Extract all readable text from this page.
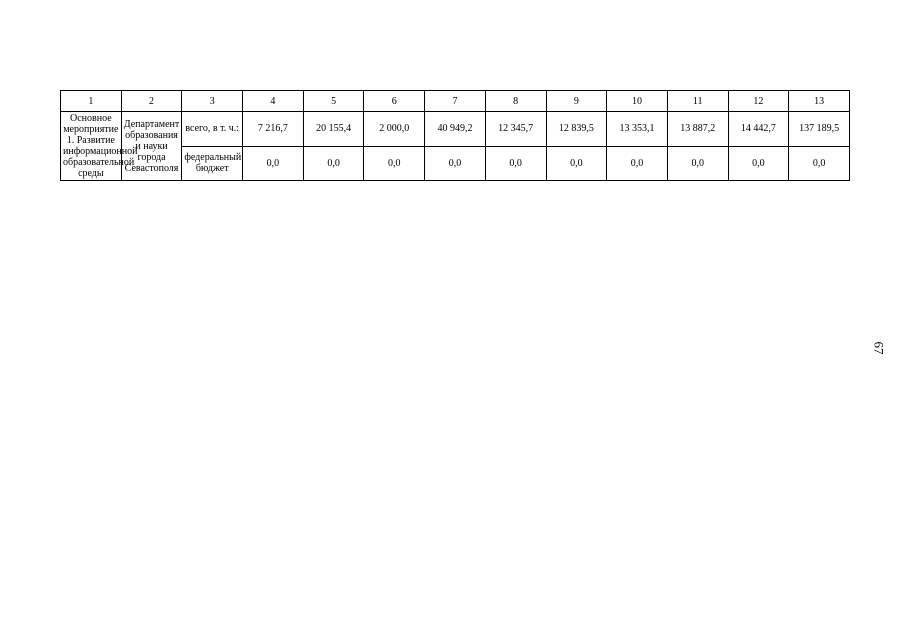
1	2	3	4	5	6	7	8	9	10	11	12	13
Основное мероприятие 1. Развитие информационной образовательной среды	Департамент образования и науки города Севастополя	всего, в т. ч.:	7 216,7	20 155,4	2 000,0	40 949,2	12 345,7	12 839,5	13 353,1	13 887,2	14 442,7	137 189,5
		федеральный бюджет	0,0	0,0	0,0	0,0	0,0	0,0	0,0	0,0	0,0	0,0
67
